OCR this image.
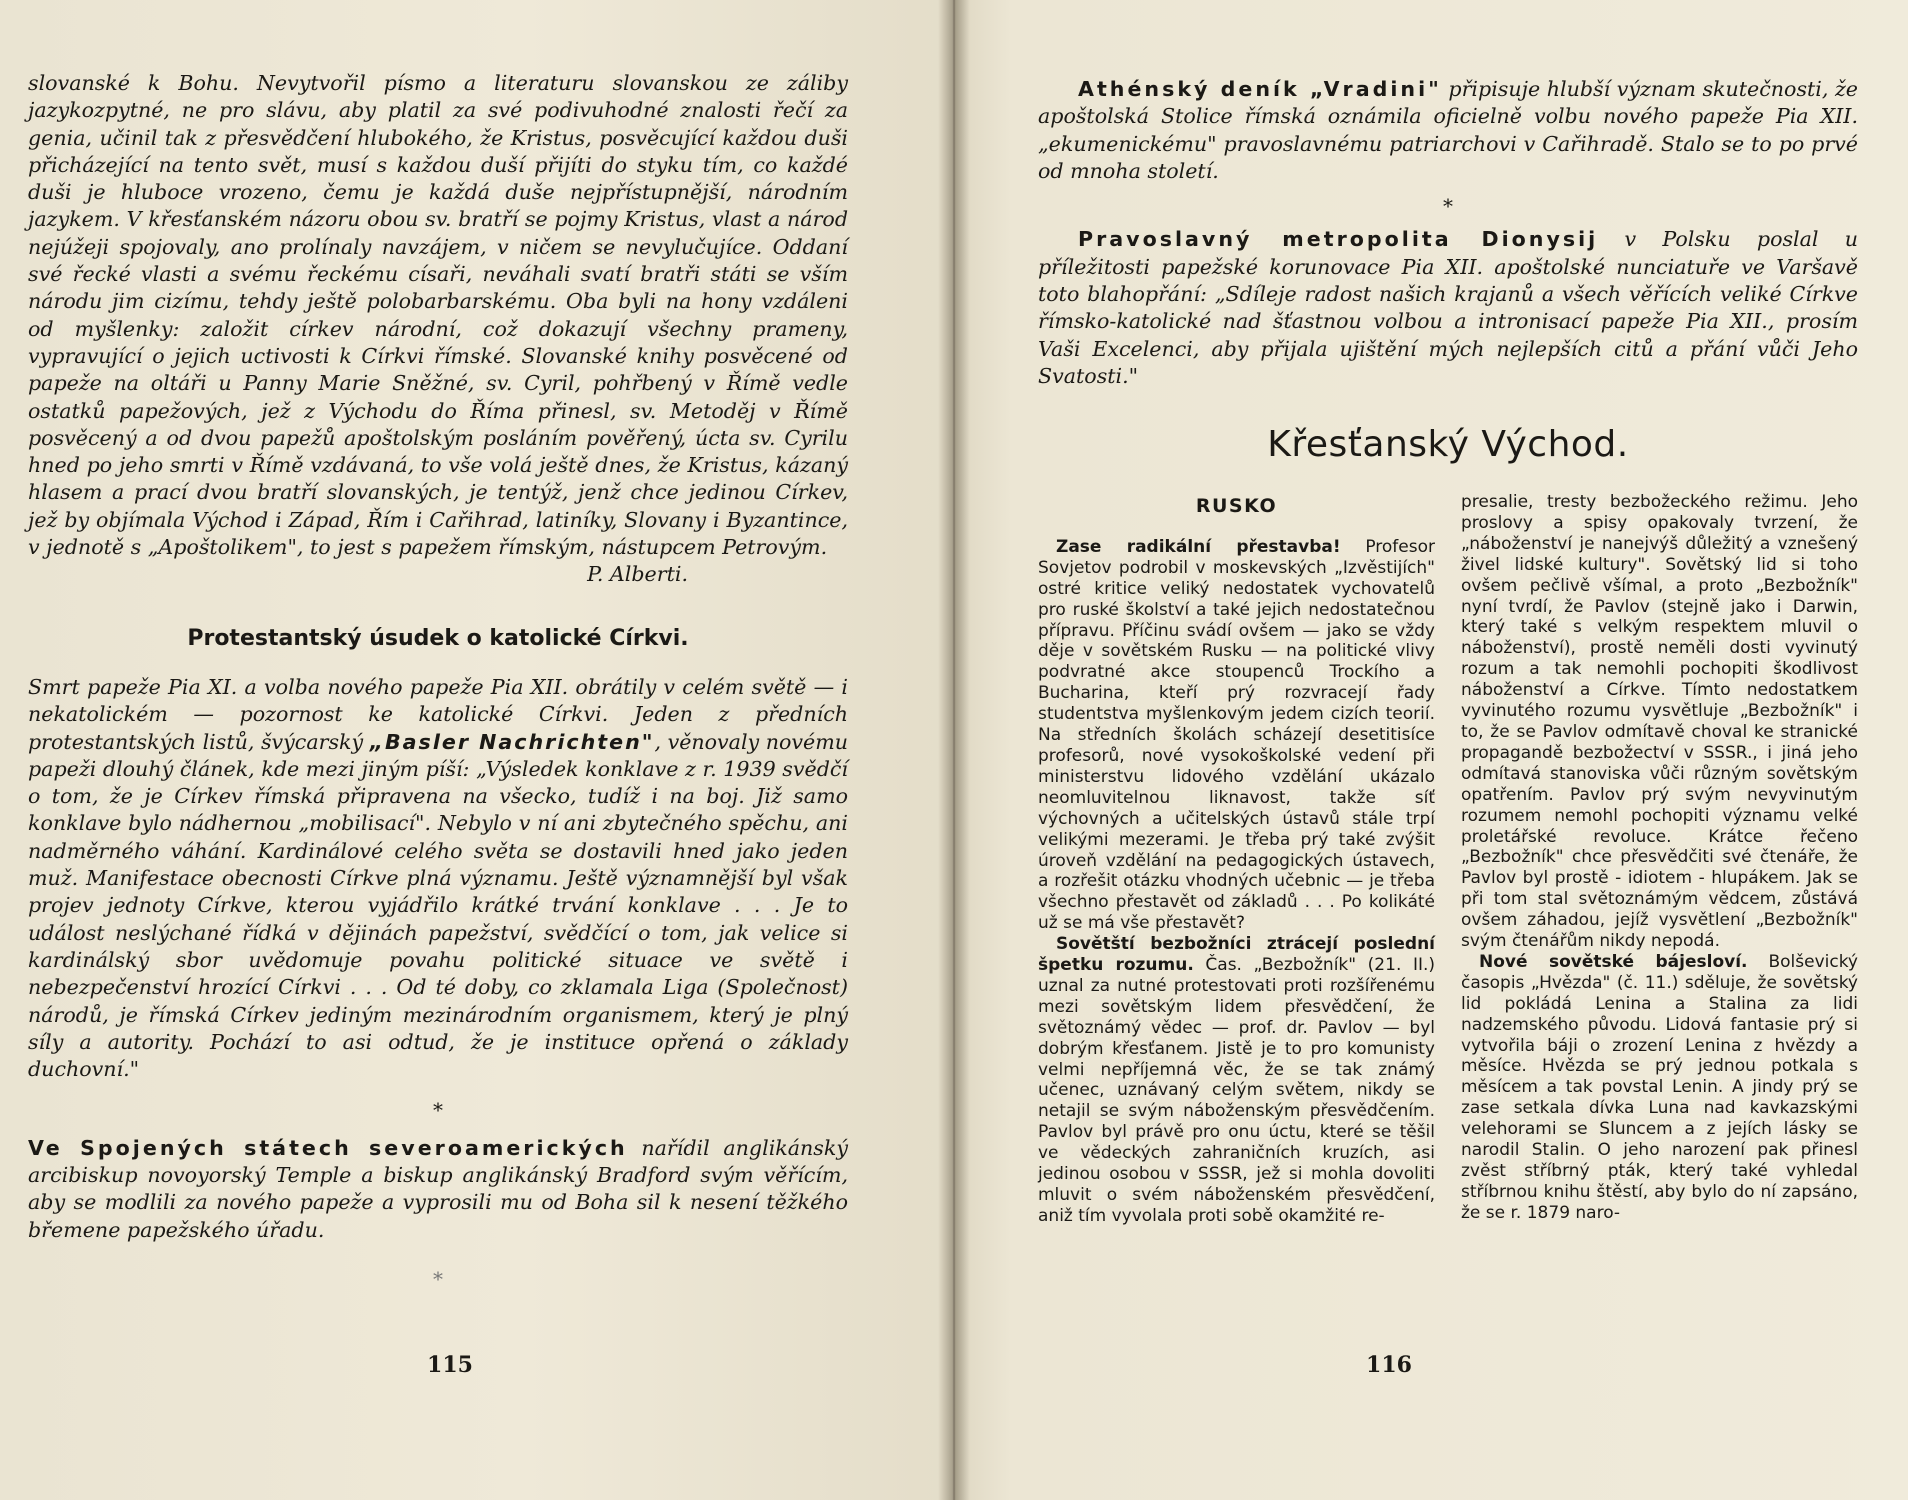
slovanské k Bohu. Nevytvořil písmo a literaturu slovanskou ze záliby jazykozpytné, ne pro slávu, aby platil za své podivuhodné znalosti řečí za genia, učinil tak z přesvědčení hlubokého, že Kristus, posvěcující každou duši přicházející na tento svět, musí s každou duší přijíti do styku tím, co každé duši je hluboce vrozeno, čemu je každá duše nejpřístupnější, národním jazykem. V křesťanském názoru obou sv. bratří se pojmy Kristus, vlast a národ nejúžeji spojovaly, ano prolínaly navzájem, v ničem se nevylučujíce. Oddaní své řecké vlasti a svému řeckému císaři, neváhali svatí bratři státi se vším národu jim cizímu, tehdy ještě polobarbarskému. Oba byli na hony vzdáleni od myšlenky: založit církev národní, což dokazují všechny prameny, vypravující o jejich uctivosti k Církvi římské. Slovanské knihy posvěcené od papeže na oltáři u Panny Marie Sněžné, sv. Cyril, pohřbený v Římě vedle ostatků papežových, jež z Východu do Říma přinesl, sv. Metoděj v Římě posvěcený a od dvou papežů apoštolským posláním pověřený, úcta sv. Cyrilu hned po jeho smrti v Římě vzdávaná, to vše volá ještě dnes, že Kristus, kázaný hlasem a prací dvou bratří slovanských, je tentýž, jenž chce jedinou Církev, jež by objímala Východ i Západ, Řím i Cařihrad, latiníky, Slovany i Byzantince, v jednotě s „Apoštolikem", to jest s papežem římským, nástupcem Petrovým.

P. Alberti.
Protestantský úsudek o katolické Církvi.

Smrt papeže Pia XI. a volba nového papeže Pia XII. obrátily v celém světě — i nekatolickém — pozornost ke katolické Církvi. Jeden z předních protestantských listů, švýcarský „Basler Nachrichten", věnovaly novému papeži dlouhý článek, kde mezi jiným píší: „Výsledek konklave z r. 1939 svědčí o tom, že je Církev římská připravena na všecko, tudíž i na boj. Již samo konklave bylo nádhernou „mobilisací". Nebylo v ní ani zbytečného spěchu, ani nadměrného váhání. Kardinálové celého světa se dostavili hned jako jeden muž. Manifestace obecnosti Církve plná významu. Ještě významnější byl však projev jednoty Církve, kterou vyjádřilo krátké trvání konklave . . . Je to událost neslýchané řídká v dějinách papežství, svědčící o tom, jak velice si kardinálský sbor uvědomuje povahu politické situace ve světě i nebezpečenství hrozící Církvi . . . Od té doby, co zklamala Liga (Společnost) národů, je římská Církev jediným mezinárodním organismem, který je plný síly a autority. Pochází to asi odtud, že je instituce opřená o základy duchovní."

*

Ve Spojených státech severoamerických nařídil anglikánský arcibiskup novoyorský Temple a biskup anglikánský Bradford svým věřícím, aby se modlili za nového papeže a vyprosili mu od Boha sil k nesení těžkého břemene papežského úřadu.

*
115

Athénský deník „Vradini" připisuje hlubší význam skutečnosti, že apoštolská Stolice římská oznámila oficielně volbu nového papeže Pia XII. „ekumenickému" pravoslavnému patriarchovi v Cařihradě. Stalo se to po prvé od mnoha století.

*

Pravoslavný metropolita Dionysij v Polsku poslal u příležitosti papežské korunovace Pia XII. apoštolské nunciatuře ve Varšavě toto blahopřání: „Sdíleje radost našich krajanů a všech věřících veliké Církve římsko-katolické nad šťastnou volbou a intronisací papeže Pia XII., prosím Vaši Excelenci, aby přijala ujištění mých nejlepších citů a přání vůči Jeho Svatosti."

Křesťanský Východ.
RUSKO

Zase radikální přestavba! Profesor Sovjetov podrobil v moskevských „Izvěstijích" ostré kritice veliký nedostatek vychovatelů pro ruské školství a také jejich nedostatečnou přípravu. Příčinu svádí ovšem — jako se vždy děje v sovětském Rusku — na politické vlivy podvratné akce stoupenců Trockího a Bucharina, kteří prý rozvracejí řady studentstva myšlenkovým jedem cizích teorií. Na středních školách scházejí desetitisíce profesorů, nové vysokoškolské vedení při ministerstvu lidového vzdělání ukázalo neomluvitelnou liknavost, takže síť výchovných a učitelských ústavů stále trpí velikými mezerami. Je třeba prý také zvýšit úroveň vzdělání na pedagogických ústavech, a rozřešit otázku vhodných učebnic — je třeba všechno přestavět od základů . . . Po kolikáté už se má vše přestavět?

Sovětští bezbožníci ztrácejí poslední špetku rozumu. Čas. „Bezbožník" (21. II.) uznal za nutné protestovati proti rozšířenému mezi sovětským lidem přesvědčení, že světoznámý vědec — prof. dr. Pavlov — byl dobrým křesťanem. Jistě je to pro komunisty velmi nepříjemná věc, že se tak známý učenec, uznávaný celým světem, nikdy se netajil se svým náboženským přesvědčením. Pavlov byl právě pro onu úctu, které se těšil ve vědeckých zahraničních kruzích, asi jedinou osobou v SSSR, jež si mohla dovoliti mluvit o svém náboženském přesvědčení, aniž tím vyvolala proti sobě okamžité re-

presalie, tresty bezbožeckého režimu. Jeho proslovy a spisy opakovaly tvrzení, že „náboženství je nanejvýš důležitý a vznešený živel lidské kultury". Sovětský lid si toho ovšem pečlivě všímal, a proto „Bezbožník" nyní tvrdí, že Pavlov (stejně jako i Darwin, který také s velkým respektem mluvil o náboženství), prostě neměli dosti vyvinutý rozum a tak nemohli pochopiti škodlivost náboženství a Církve. Tímto nedostatkem vyvinutého rozumu vysvětluje „Bezbožník" i to, že se Pavlov odmítavě choval ke stranické propagandě bezbožectví v SSSR., i jiná jeho odmítavá stanoviska vůči různým sovětským opatřením. Pavlov prý svým nevyvinutým rozumem nemohl pochopiti významu velké proletářské revoluce. Krátce řečeno „Bezbožník" chce přesvědčiti své čtenáře, že Pavlov byl prostě - idiotem - hlupákem. Jak se při tom stal světoznámým vědcem, zůstává ovšem záhadou, jejíž vysvětlení „Bezbožník" svým čtenářům nikdy nepodá.

Nové sovětské bájesloví. Bolševický časopis „Hvězda" (č. 11.) sděluje, že sovětský lid pokládá Lenina a Stalina za lidi nadzemského původu. Lidová fantasie prý si vytvořila báji o zrození Lenina z hvězdy a měsíce. Hvězda se prý jednou potkala s měsícem a tak povstal Lenin. A jindy prý se zase setkala dívka Luna nad kavkazskými velehorami se Sluncem a z jejích lásky se narodil Stalin. O jeho narození pak přinesl zvěst stříbrný pták, který také vyhledal stříbrnou knihu štěstí, aby bylo do ní zapsáno, že se r. 1879 naro-

116
